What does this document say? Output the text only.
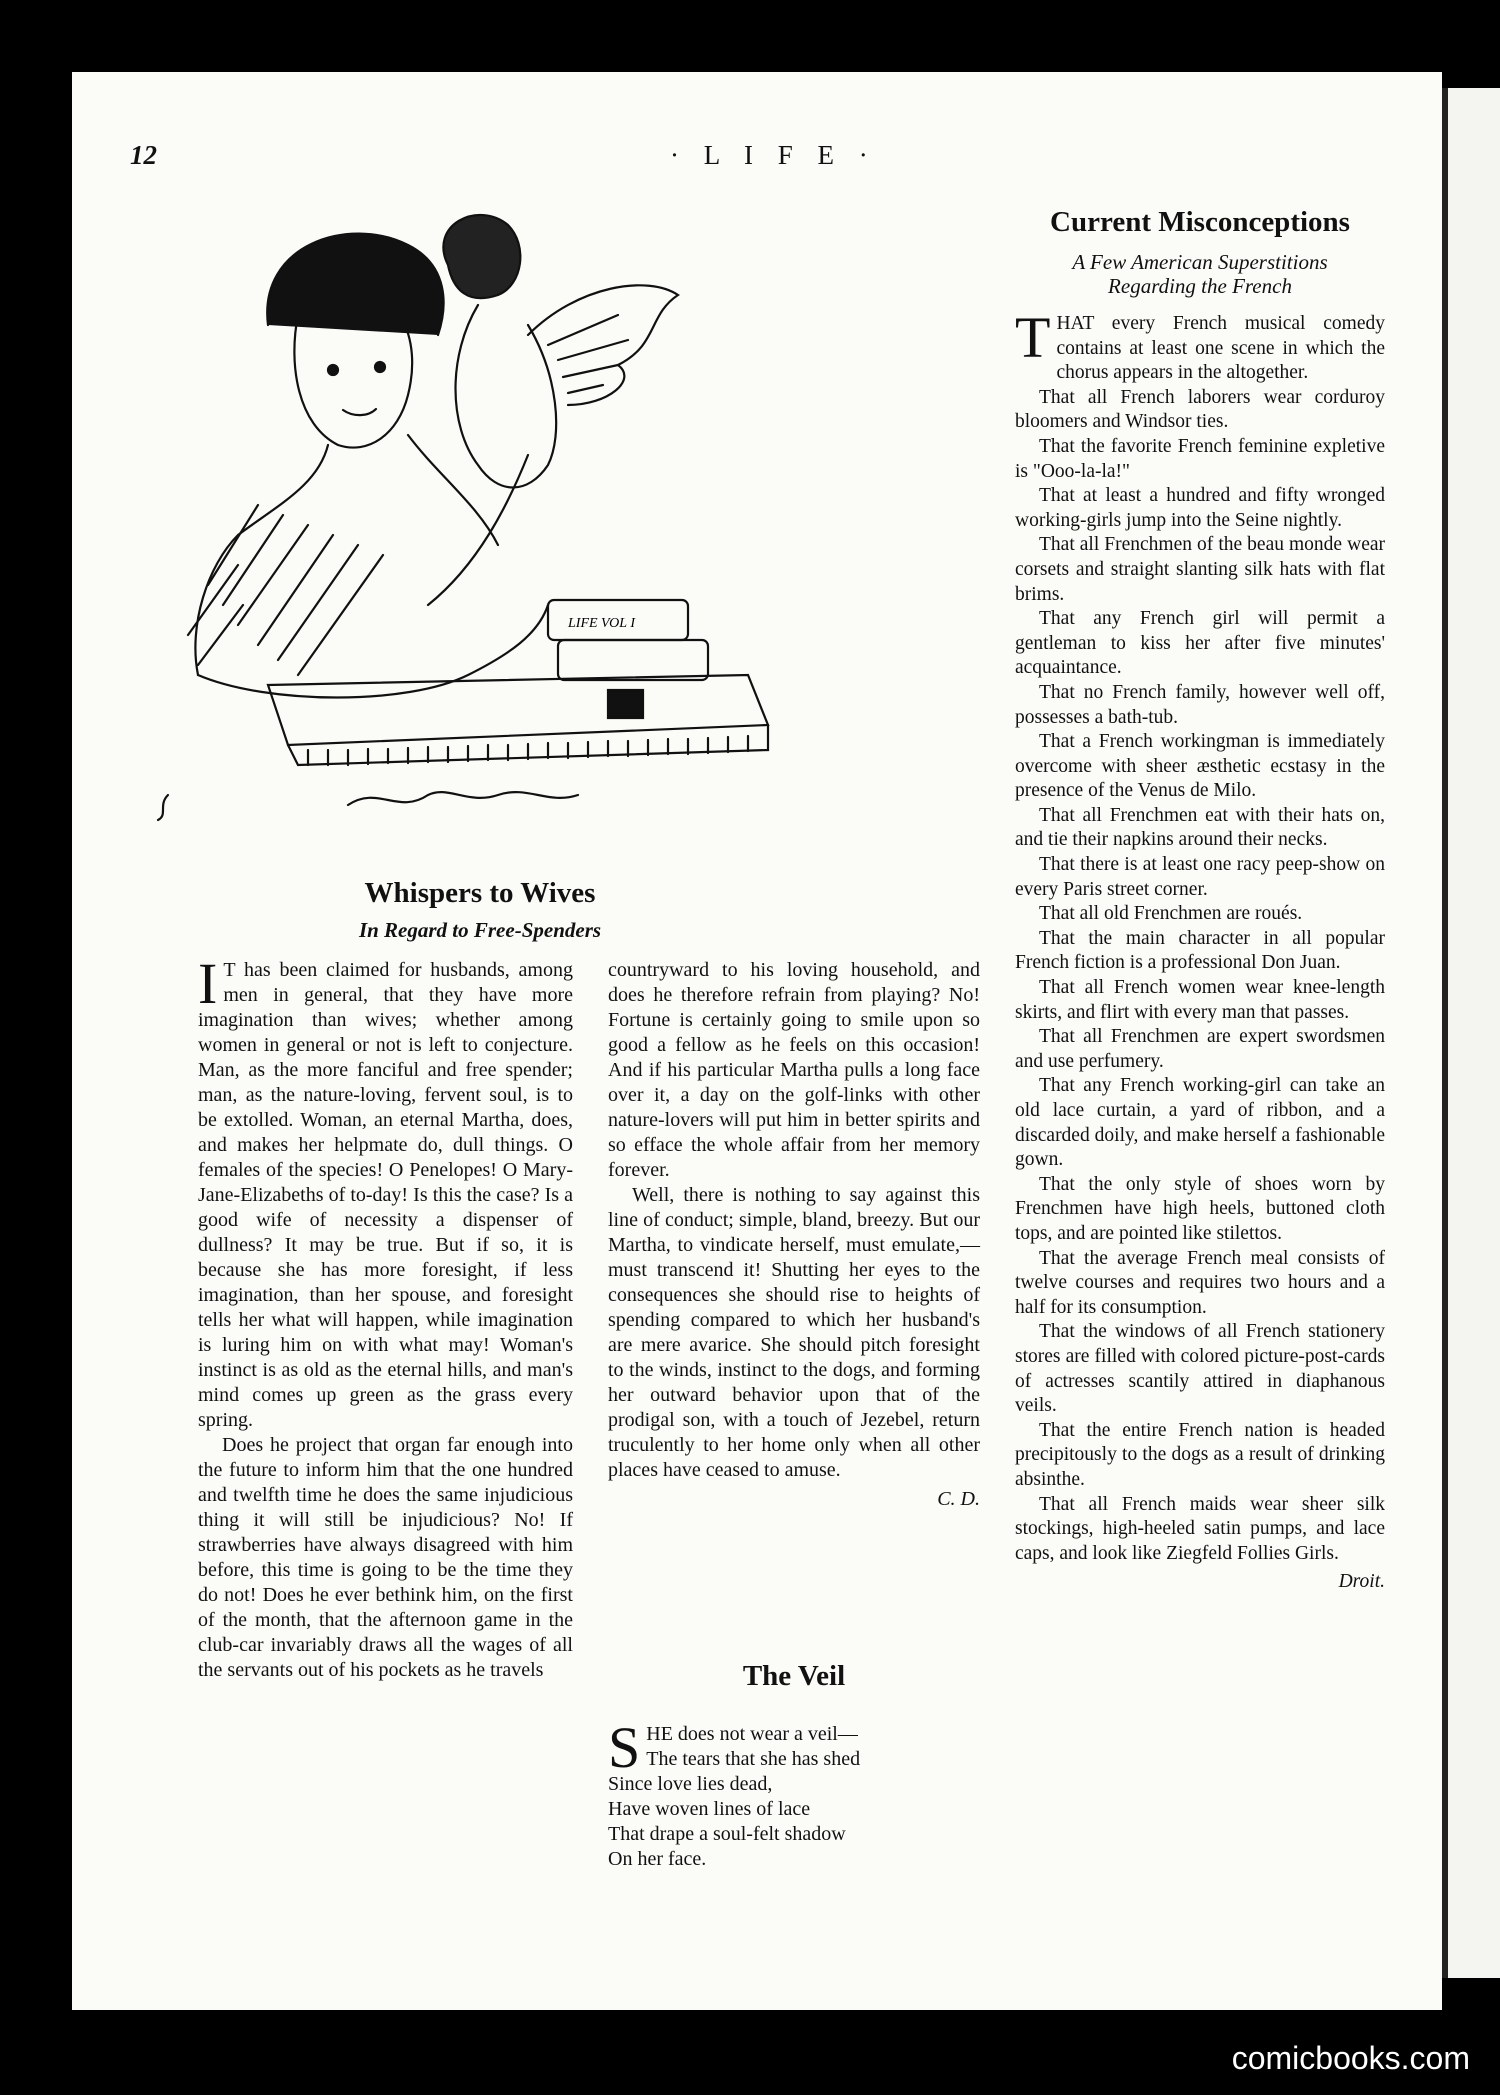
12	· L I F E ·
LIFE VOL I
Whispers to Wives
In Regard to Free-Spenders

I T has been claimed for husbands, among men in general, that they have more imagination than wives; whether among women in general or not is left to conjecture. Man, as the more fanciful and free spender; man, as the nature-loving, fervent soul, is to be extolled. Woman, an eternal Martha, does, and makes her helpmate do, dull things. O females of the species! O Penelopes! O Mary-Jane-Elizabeths of to-day! Is this the case? Is a good wife of necessity a dispenser of dullness? It may be true. But if so, it is because she has more foresight, if less imagination, than her spouse, and foresight tells her what will happen, while imagination is luring him on with what may! Woman's instinct is as old as the eternal hills, and man's mind comes up green as the grass every spring.

Does he project that organ far enough into the future to inform him that the one hundred and twelfth time he does the same injudicious thing it will still be injudicious? No! If strawberries have always disagreed with him before, this time is going to be the time they do not! Does he ever bethink him, on the first of the month, that the afternoon game in the club-car invariably draws all the wages of all the servants out of his pockets as he travels

countryward to his loving household, and does he therefore refrain from playing? No! Fortune is certainly going to smile upon so good a fellow as he feels on this occasion! And if his particular Martha pulls a long face over it, a day on the golf-links with other nature-lovers will put him in better spirits and so efface the whole affair from her memory forever.

Well, there is nothing to say against this line of conduct; simple, bland, breezy. But our Martha, to vindicate herself, must emulate,— must transcend it! Shutting her eyes to the consequences she should rise to heights of spending compared to which her husband's are mere avarice. She should pitch foresight to the winds, instinct to the dogs, and forming her outward behavior upon that of the prodigal son, with a touch of Jezebel, return truculently to her home only when all other places have ceased to amuse.

C. D.
The Veil
S HE does not wear a veil—
The tears that she has shed
Since love lies dead,
Have woven lines of lace
That drape a soul-felt shadow
On her face.
Current Misconceptions
A Few American Superstitions
Regarding the French

THAT every French musical comedy contains at least one scene in which the chorus appears in the altogether.

That all French laborers wear corduroy bloomers and Windsor ties.

That the favorite French feminine expletive is "Ooo-la-la!"

That at least a hundred and fifty wronged working-girls jump into the Seine nightly.

That all Frenchmen of the beau monde wear corsets and straight slanting silk hats with flat brims.

That any French girl will permit a gentleman to kiss her after five minutes' acquaintance.

That no French family, however well off, possesses a bath-tub.

That a French workingman is immediately overcome with sheer æsthetic ecstasy in the presence of the Venus de Milo.

That all Frenchmen eat with their hats on, and tie their napkins around their necks.

That there is at least one racy peep-show on every Paris street corner.

That all old Frenchmen are roués.

That the main character in all popular French fiction is a professional Don Juan.

That all French women wear knee-length skirts, and flirt with every man that passes.

That all Frenchmen are expert swordsmen and use perfumery.

That any French working-girl can take an old lace curtain, a yard of ribbon, and a discarded doily, and make herself a fashionable gown.

That the only style of shoes worn by Frenchmen have high heels, buttoned cloth tops, and are pointed like stilettos.

That the average French meal consists of twelve courses and requires two hours and a half for its consumption.

That the windows of all French stationery stores are filled with colored picture-post-cards of actresses scantily attired in diaphanous veils.

That the entire French nation is headed precipitously to the dogs as a result of drinking absinthe.

That all French maids wear sheer silk stockings, high-heeled satin pumps, and lace caps, and look like Ziegfeld Follies Girls.

Droit.
comicbooks.com
